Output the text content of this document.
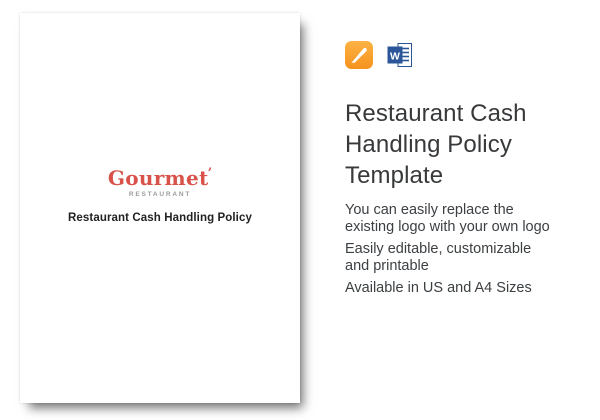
Gourmet’
RESTAURANT
Restaurant Cash Handling Policy
W
Restaurant Cash
Handling Policy
Template

You can easily replace the
existing logo with your own logo

Easily editable, customizable
and printable

Available in US and A4 Sizes
